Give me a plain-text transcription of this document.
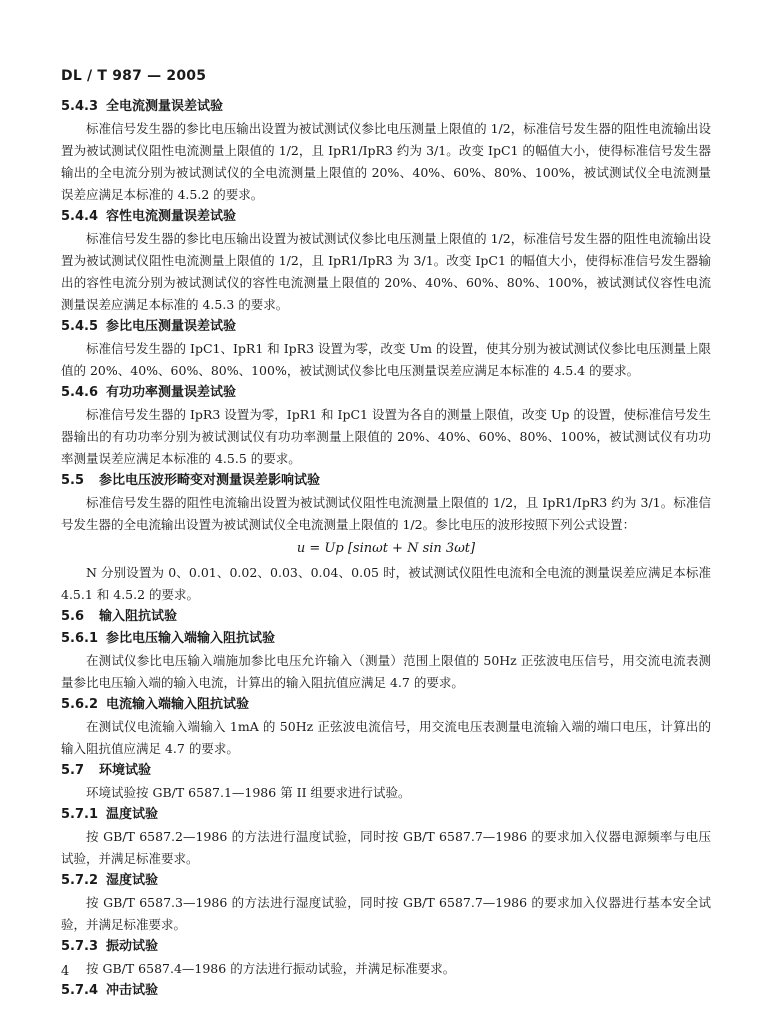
DL / T 987 — 2005
5.4.3 全电流测量误差试验

标准信号发生器的参比电压输出设置为被试测试仪参比电压测量上限值的 1/2，标准信号发生器的阻性电流输出设置为被试测试仪阻性电流测量上限值的 1/2，且 IpR1/IpR3 约为 3/1。改变 IpC1 的幅值大小，使得标准信号发生器输出的全电流分别为被试测试仪的全电流测量上限值的 20%、40%、60%、80%、100%，被试测试仪全电流测量误差应满足本标准的 4.5.2 的要求。

5.4.4 容性电流测量误差试验

标准信号发生器的参比电压输出设置为被试测试仪参比电压测量上限值的 1/2，标准信号发生器的阻性电流输出设置为被试测试仪阻性电流测量上限值的 1/2，且 IpR1/IpR3 为 3/1。改变 IpC1 的幅值大小，使得标准信号发生器输出的容性电流分别为被试测试仪的容性电流测量上限值的 20%、40%、60%、80%、100%，被试测试仪容性电流测量误差应满足本标准的 4.5.3 的要求。

5.4.5 参比电压测量误差试验

标准信号发生器的 IpC1、IpR1 和 IpR3 设置为零，改变 Um 的设置，使其分别为被试测试仪参比电压测量上限值的 20%、40%、60%、80%、100%，被试测试仪参比电压测量误差应满足本标准的 4.5.4 的要求。

5.4.6 有功功率测量误差试验

标准信号发生器的 IpR3 设置为零，IpR1 和 IpC1 设置为各自的测量上限值，改变 Up 的设置，使标准信号发生器输出的有功功率分别为被试测试仪有功功率测量上限值的 20%、40%、60%、80%、100%，被试测试仪有功功率测量误差应满足本标准的 4.5.5 的要求。

5.5 参比电压波形畸变对测量误差影响试验

标准信号发生器的阻性电流输出设置为被试测试仪阻性电流测量上限值的 1/2，且 IpR1/IpR3 约为 3/1。标准信号发生器的全电流输出设置为被试测试仪全电流测量上限值的 1/2。参比电压的波形按照下列公式设置：

u = Up [sinωt + N sin 3ωt]

N 分别设置为 0、0.01、0.02、0.03、0.04、0.05 时，被试测试仪阻性电流和全电流的测量误差应满足本标准 4.5.1 和 4.5.2 的要求。

5.6 输入阻抗试验
5.6.1 参比电压输入端输入阻抗试验

在测试仪参比电压输入端施加参比电压允许输入（测量）范围上限值的 50Hz 正弦波电压信号，用交流电流表测量参比电压输入端的输入电流，计算出的输入阻抗值应满足 4.7 的要求。

5.6.2 电流输入端输入阻抗试验

在测试仪电流输入端输入 1mA 的 50Hz 正弦波电流信号，用交流电压表测量电流输入端的端口电压，计算出的输入阻抗值应满足 4.7 的要求。

5.7 环境试验

环境试验按 GB/T 6587.1—1986 第 II 组要求进行试验。

5.7.1 温度试验

按 GB/T 6587.2—1986 的方法进行温度试验，同时按 GB/T 6587.7—1986 的要求加入仪器电源频率与电压试验，并满足标准要求。

5.7.2 湿度试验

按 GB/T 6587.3—1986 的方法进行湿度试验，同时按 GB/T 6587.7—1986 的要求加入仪器进行基本安全试验，并满足标准要求。

5.7.3 振动试验

按 GB/T 6587.4—1986 的方法进行振动试验，并满足标准要求。

5.7.4 冲击试验
4
